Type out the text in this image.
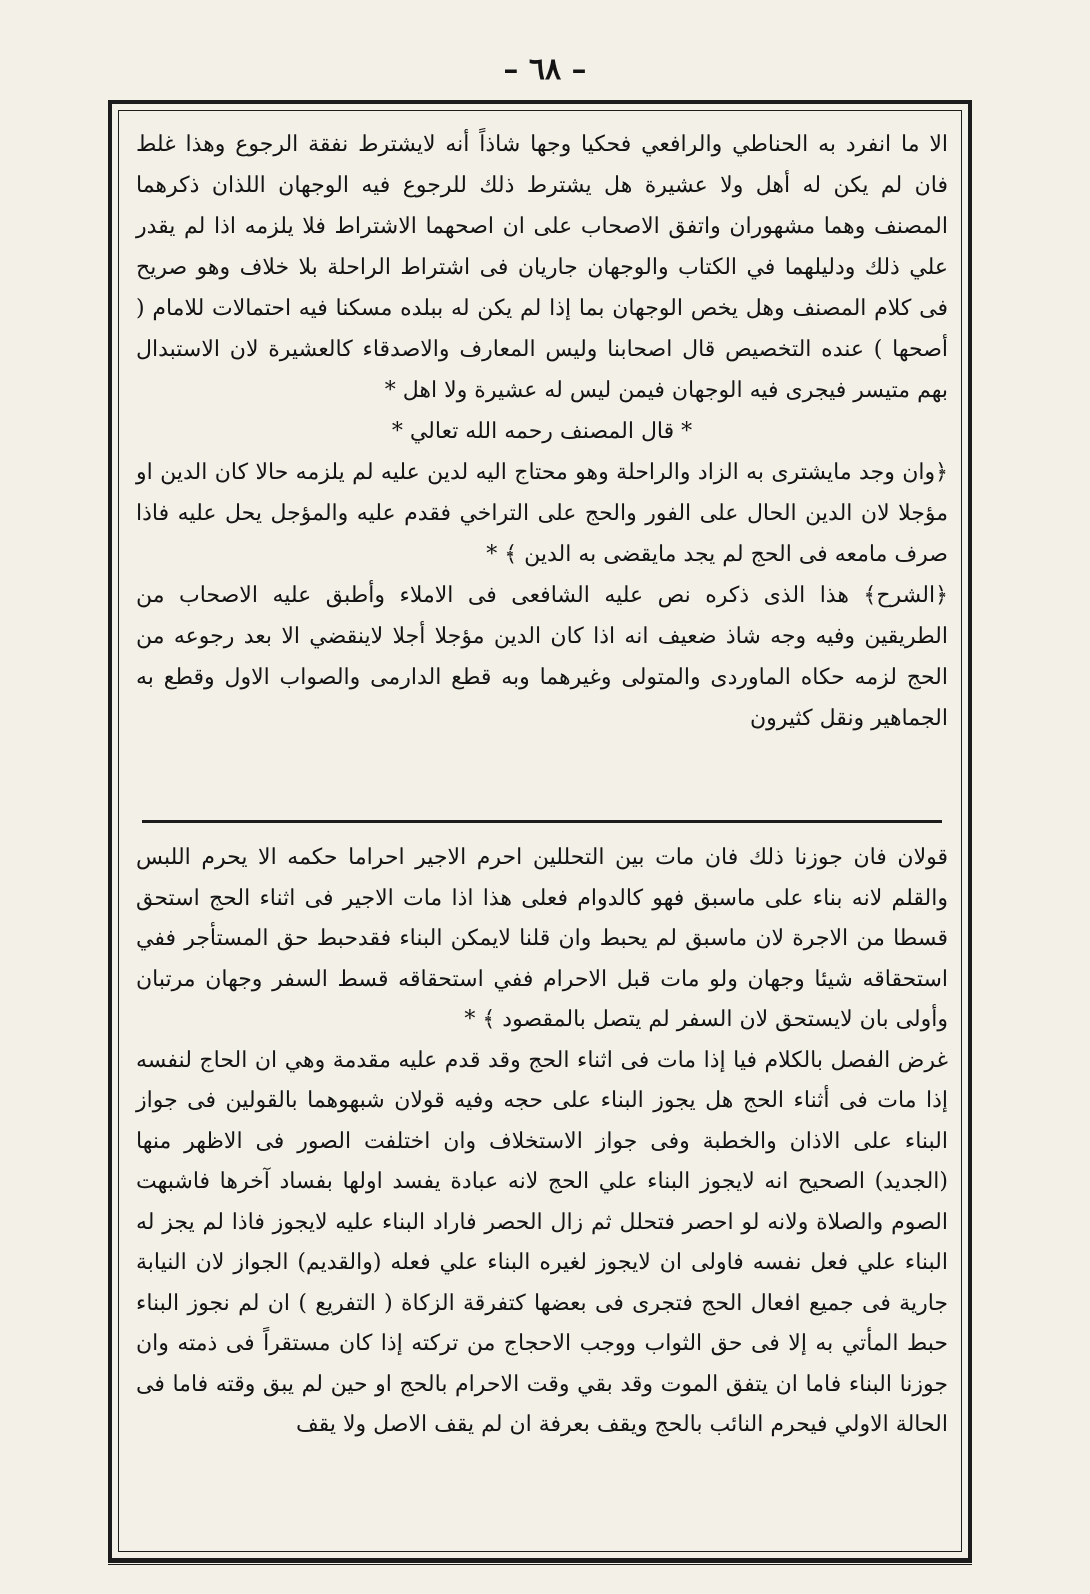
– ٦٨ –

الا ما انفرد به الحناطي والرافعي فحكيا وجها شاذاً أنه لايشترط نفقة الرجوع وهذا غلط فان لم يكن له أهل ولا عشيرة هل يشترط ذلك للرجوع فيه الوجهان اللذان ذكرهما المصنف وهما مشهوران واتفق الاصحاب على ان اصحهما الاشتراط فلا يلزمه اذا لم يقدر علي ذلك ودليلهما في الكتاب والوجهان جاريان فى اشتراط الراحلة بلا خلاف وهو صريح فى كلام المصنف وهل يخص الوجهان بما إذا لم يكن له ببلده مسكنا فيه احتمالات للامام ( أصحها ) عنده التخصيص قال اصحابنا وليس المعارف والاصدقاء كالعشيرة لان الاستبدال بهم متيسر فيجرى فيه الوجهان فيمن ليس له عشيرة ولا اهل *

* قال المصنف رحمه الله تعالي *

﴿وان وجد مايشترى به الزاد والراحلة وهو محتاج اليه لدين عليه لم يلزمه حالا كان الدين او مؤجلا لان الدين الحال على الفور والحج على التراخي فقدم عليه والمؤجل يحل عليه فاذا صرف مامعه فى الحج لم يجد مايقضى به الدين ﴾ *

﴿الشرح﴾ هذا الذى ذكره نص عليه الشافعى فى الاملاء وأطبق عليه الاصحاب من الطريقين وفيه وجه شاذ ضعيف انه اذا كان الدين مؤجلا أجلا لاينقضي الا بعد رجوعه من الحج لزمه حكاه الماوردى والمتولى وغيرهما وبه قطع الدارمى والصواب الاول وقطع به الجماهير ونقل كثيرون

قولان فان جوزنا ذلك فان مات بين التحللين احرم الاجير احراما حكمه الا يحرم اللبس والقلم لانه بناء على ماسبق فهو كالدوام فعلى هذا اذا مات الاجير فى اثناء الحج استحق قسطا من الاجرة لان ماسبق لم يحبط وان قلنا لايمكن البناء فقدحبط حق المستأجر ففي استحقاقه شيئا وجهان ولو مات قبل الاحرام ففي استحقاقه قسط السفر وجهان مرتبان وأولى بان لايستحق لان السفر لم يتصل بالمقصود ﴾ *

غرض الفصل بالكلام فيا إذا مات فى اثناء الحج وقد قدم عليه مقدمة وهي ان الحاج لنفسه إذا مات فى أثناء الحج هل يجوز البناء على حجه وفيه قولان شبهوهما بالقولين فى جواز البناء على الاذان والخطبة وفى جواز الاستخلاف وان اختلفت الصور فى الاظهر منها (الجديد) الصحيح انه لايجوز البناء علي الحج لانه عبادة يفسد اولها بفساد آخرها فاشبهت الصوم والصلاة ولانه لو احصر فتحلل ثم زال الحصر فاراد البناء عليه لايجوز فاذا لم يجز له البناء علي فعل نفسه فاولى ان لايجوز لغيره البناء علي فعله (والقديم) الجواز لان النيابة جارية فى جميع افعال الحج فتجرى فى بعضها كتفرقة الزكاة ( التفريع ) ان لم نجوز البناء حبط المأتي به إلا فى حق الثواب ووجب الاحجاج من تركته إذا كان مستقراً فى ذمته وان جوزنا البناء فاما ان يتفق الموت وقد بقي وقت الاحرام بالحج او حين لم يبق وقته فاما فى الحالة الاولي فيحرم النائب بالحج ويقف بعرفة ان لم يقف الاصل ولا يقف
